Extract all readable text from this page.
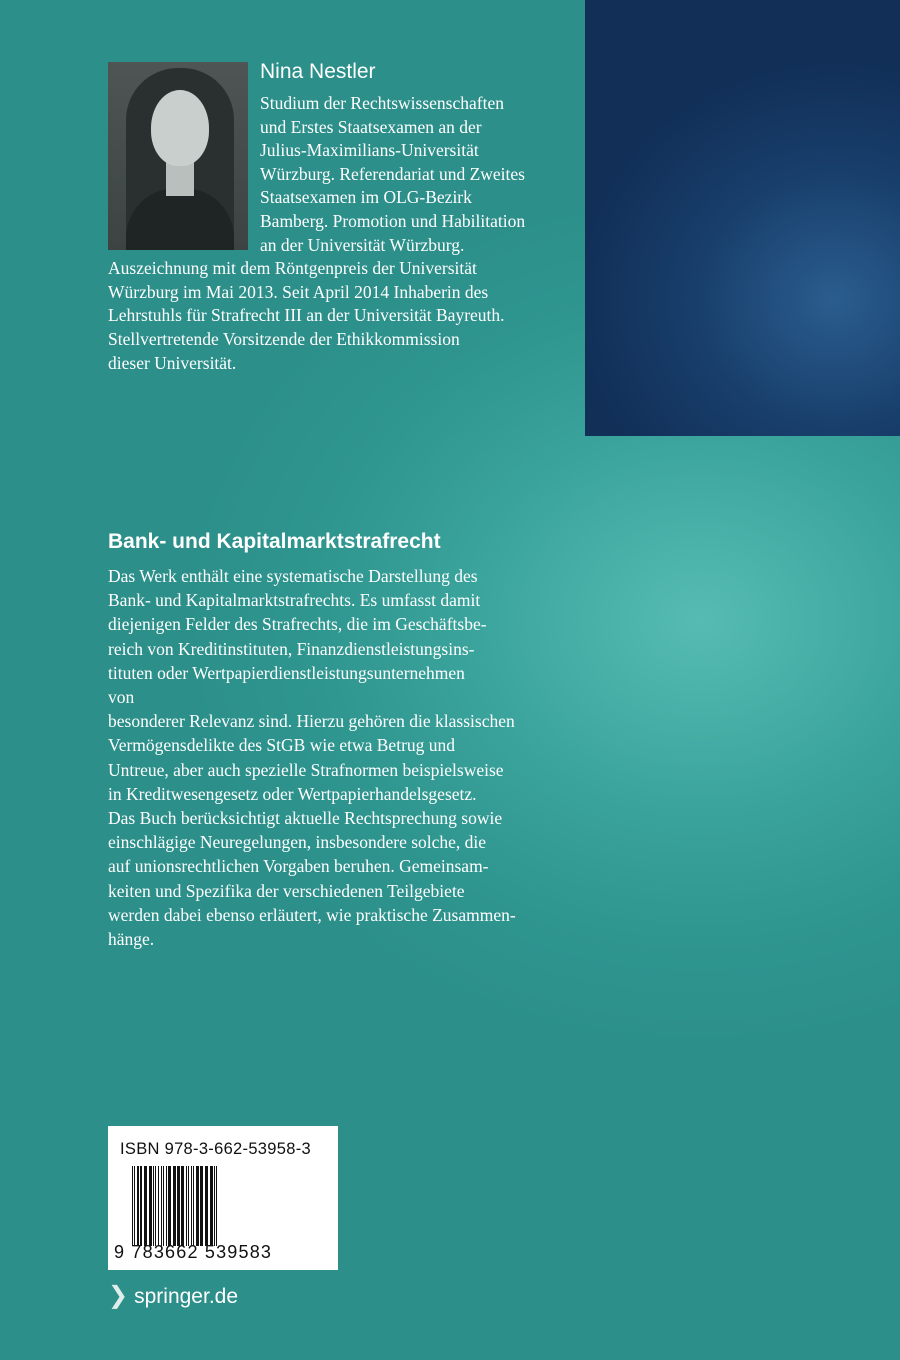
Nina Nestler
Studium der Rechtswissenschaften
und Erstes Staatsexamen an der
Julius-Maximilians-Universität
Würzburg. Referendariat und Zweites
Staatsexamen im OLG-Bezirk
Bamberg. Promotion und Habilitation
an der Universität Würzburg.
Auszeichnung mit dem Röntgenpreis der Universität
Würzburg im Mai 2013. Seit April 2014 Inhaberin des
Lehrstuhls für Strafrecht III an der Universität Bayreuth.
Stellvertretende Vorsitzende der Ethikkommission
dieser Universität.
Bank- und Kapitalmarktstrafrecht
Das Werk enthält eine systematische Darstellung des
Bank- und Kapitalmarktstrafrechts. Es umfasst damit
diejenigen Felder des Strafrechts, die im Geschäftsbe-
reich von Kreditinstituten, Finanzdienstleistungsins-
tituten oder Wertpapierdienstleistungsunternehmen
von
besonderer Relevanz sind. Hierzu gehören die klassischen
Vermögensdelikte des StGB wie etwa Betrug und
Untreue, aber auch spezielle Strafnormen beispielsweise
in Kreditwesengesetz oder Wertpapierhandelsgesetz.
Das Buch berücksichtigt aktuelle Rechtsprechung sowie
einschlägige Neuregelungen, insbesondere solche, die
auf unionsrechtlichen Vorgaben beruhen. Gemeinsam-
keiten und Spezifika der verschiedenen Teilgebiete
werden dabei ebenso erläutert, wie praktische Zusammen-
hänge.
ISBN 978-3-662-53958-3
9 783662 539583
❯ springer.de
